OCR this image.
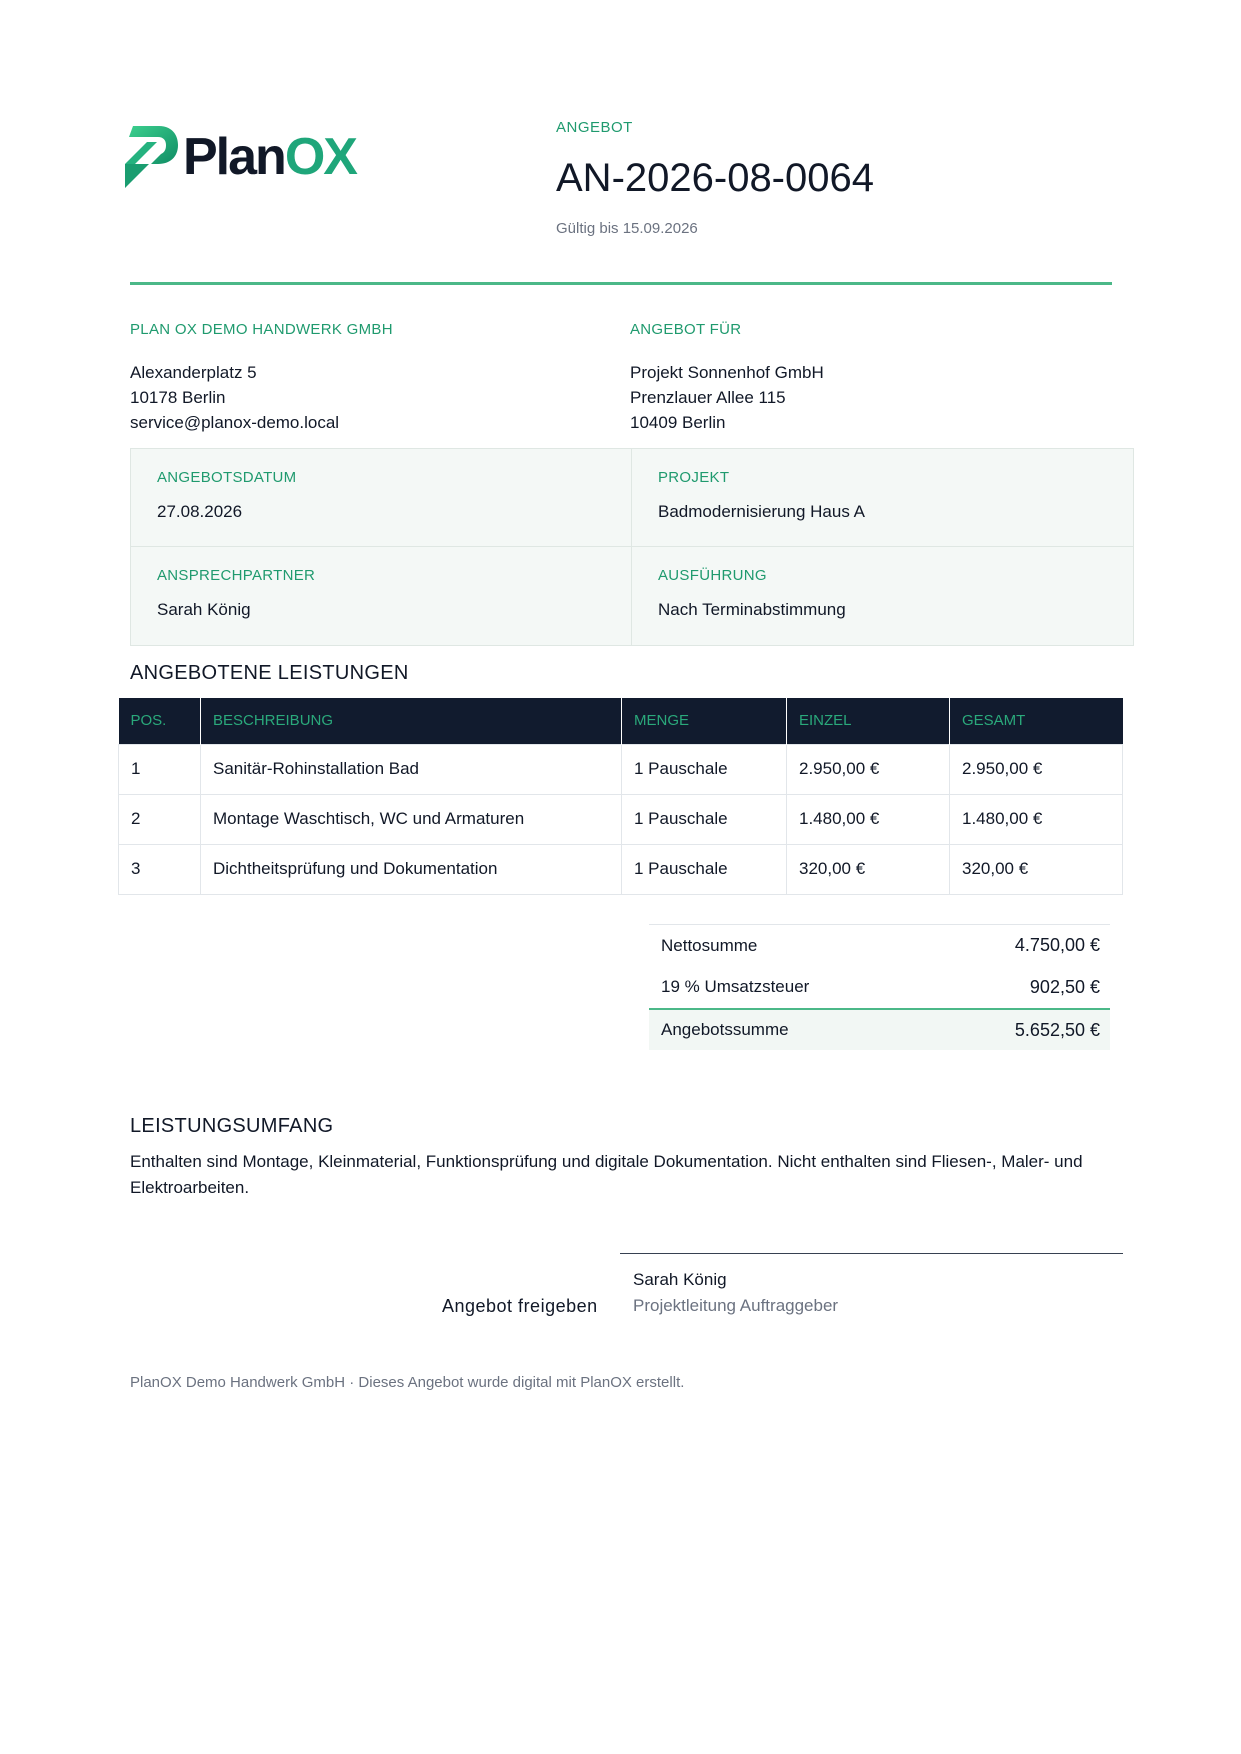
PlanOX
ANGEBOT
AN-2026-08-0064
Gültig bis 15.09.2026
PLAN OX DEMO HANDWERK GMBH
Alexanderplatz 5
10178 Berlin
service@planox-demo.local
ANGEBOT FÜR
Projekt Sonnenhof GmbH
Prenzlauer Allee 115
10409 Berlin
ANGEBOTSDATUM
27.08.2026
PROJEKT
Badmodernisierung Haus A
ANSPRECHPARTNER
Sarah König
AUSFÜHRUNG
Nach Terminabstimmung
ANGEBOTENE LEISTUNGEN
POS.	BESCHREIBUNG	MENGE	EINZEL	GESAMT
1	Sanitär-Rohinstallation Bad	1 Pauschale	2.950,00 €	2.950,00 €
2	Montage Waschtisch, WC und Armaturen	1 Pauschale	1.480,00 €	1.480,00 €
3	Dichtheitsprüfung und Dokumentation	1 Pauschale	320,00 €	320,00 €
Nettosumme	4.750,00 €
19 % Umsatzsteuer	902,50 €
Angebotssumme	5.652,50 €
LEISTUNGSUMFANG
Enthalten sind Montage, Kleinmaterial, Funktionsprüfung und digitale Dokumentation. Nicht enthalten sind Fliesen-, Maler- und Elektroarbeiten.
Angebot freigeben
Sarah König
Projektleitung Auftraggeber
PlanOX Demo Handwerk GmbH · Dieses Angebot wurde digital mit PlanOX erstellt.
